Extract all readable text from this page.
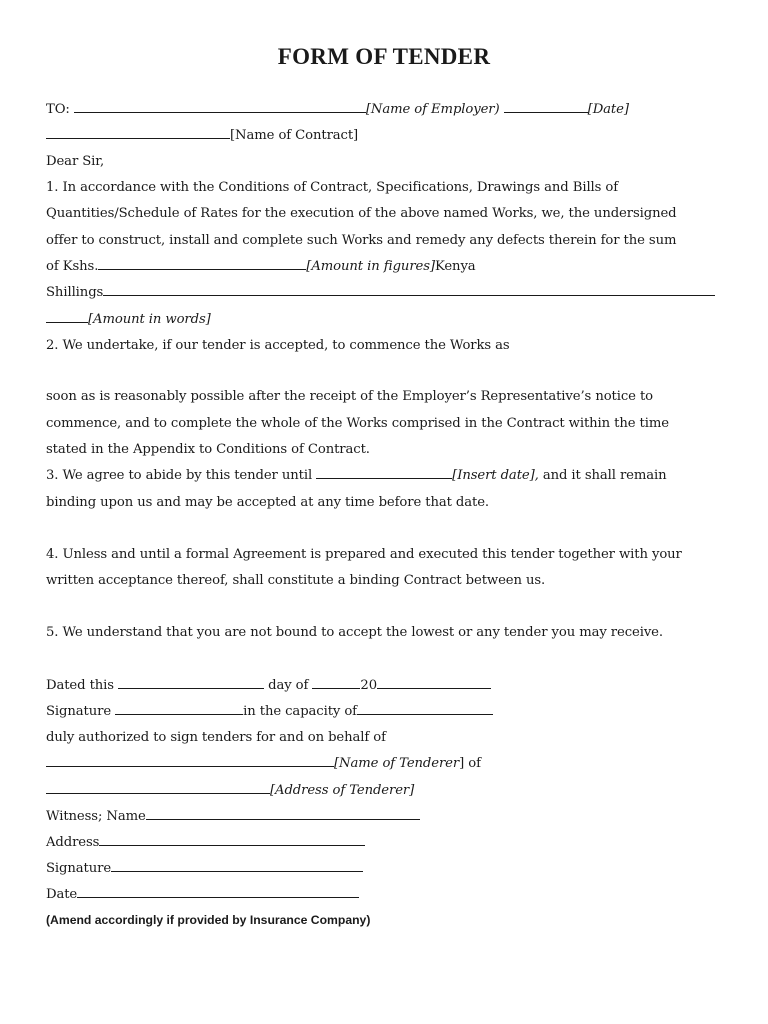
FORM OF TENDER
TO:	[Name of Employer)	[Date]
[Name of Contract]
Dear Sir,
1. In accordance with the Conditions of Contract, Specifications, Drawings and Bills of
Quantities/Schedule of Rates for the execution of the above named Works, we, the undersigned
offer to construct, install and complete such Works and remedy any defects therein for the sum
of Kshs.	[Amount in figures]Kenya
Shillings
[Amount in words]
2. We undertake, if our tender is accepted, to commence the Works as
soon as is reasonably possible after the receipt of the Employer’s Representative’s notice to
commence, and to complete the whole of the Works comprised in the Contract within the time
stated in the Appendix to Conditions of Contract.
3. We agree to abide by this tender until	[Insert date], and it shall remain
binding upon us and may be accepted at any time before that date.
4. Unless and until a formal Agreement is prepared and executed this tender together with your
written acceptance thereof, shall constitute a binding Contract between us.
5. We understand that you are not bound to accept the lowest or any tender you may receive.
Dated this	day of	20
Signature	in the capacity of
duly authorized to sign tenders for and on behalf of
[Name of Tenderer] of
[Address of Tenderer]
Witness; Name
Address
Signature
Date
(Amend accordingly if provided by Insurance Company)
